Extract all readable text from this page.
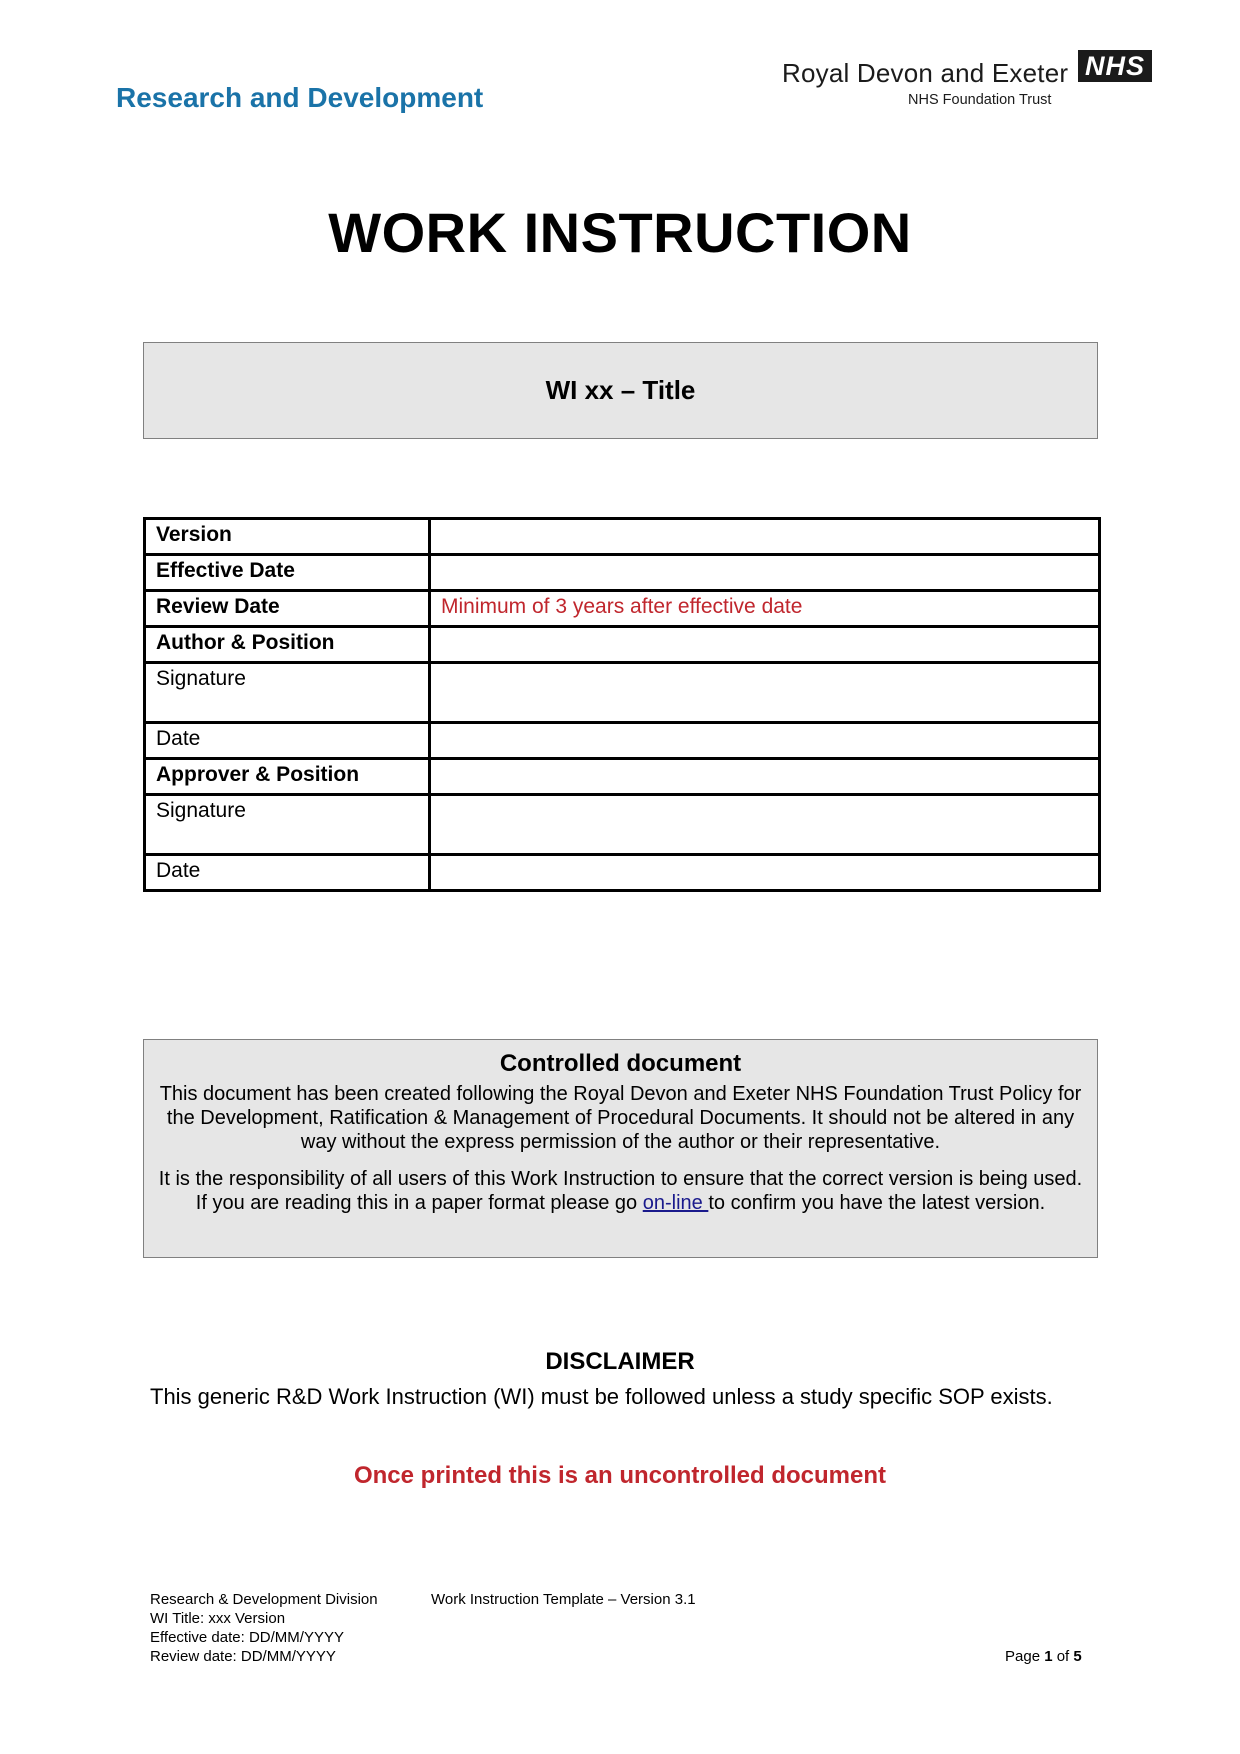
Research and Development
Royal Devon and Exeter
NHS Foundation Trust
NHS
WORK INSTRUCTION
WI xx – Title
Version	
Effective Date	
Review Date	Minimum of 3 years after effective date
Author & Position	
Signature	
Date	
Approver & Position	
Signature	
Date	
Controlled document

This document has been created following the Royal Devon and Exeter NHS Foundation Trust Policy for the Development, Ratification & Management of Procedural Documents. It should not be altered in any way without the express permission of the author or their representative.

It is the responsibility of all users of this Work Instruction to ensure that the correct version is being used. If you are reading this in a paper format please go on-line to confirm you have the latest version.

DISCLAIMER
This generic R&D Work Instruction (WI) must be followed unless a study specific SOP exists.
Once printed this is an uncontrolled document
Research & Development Division
WI Title: xxx Version
Effective date: DD/MM/YYYY
Review date: DD/MM/YYYY
Work Instruction Template – Version 3.1
Page 1 of 5
